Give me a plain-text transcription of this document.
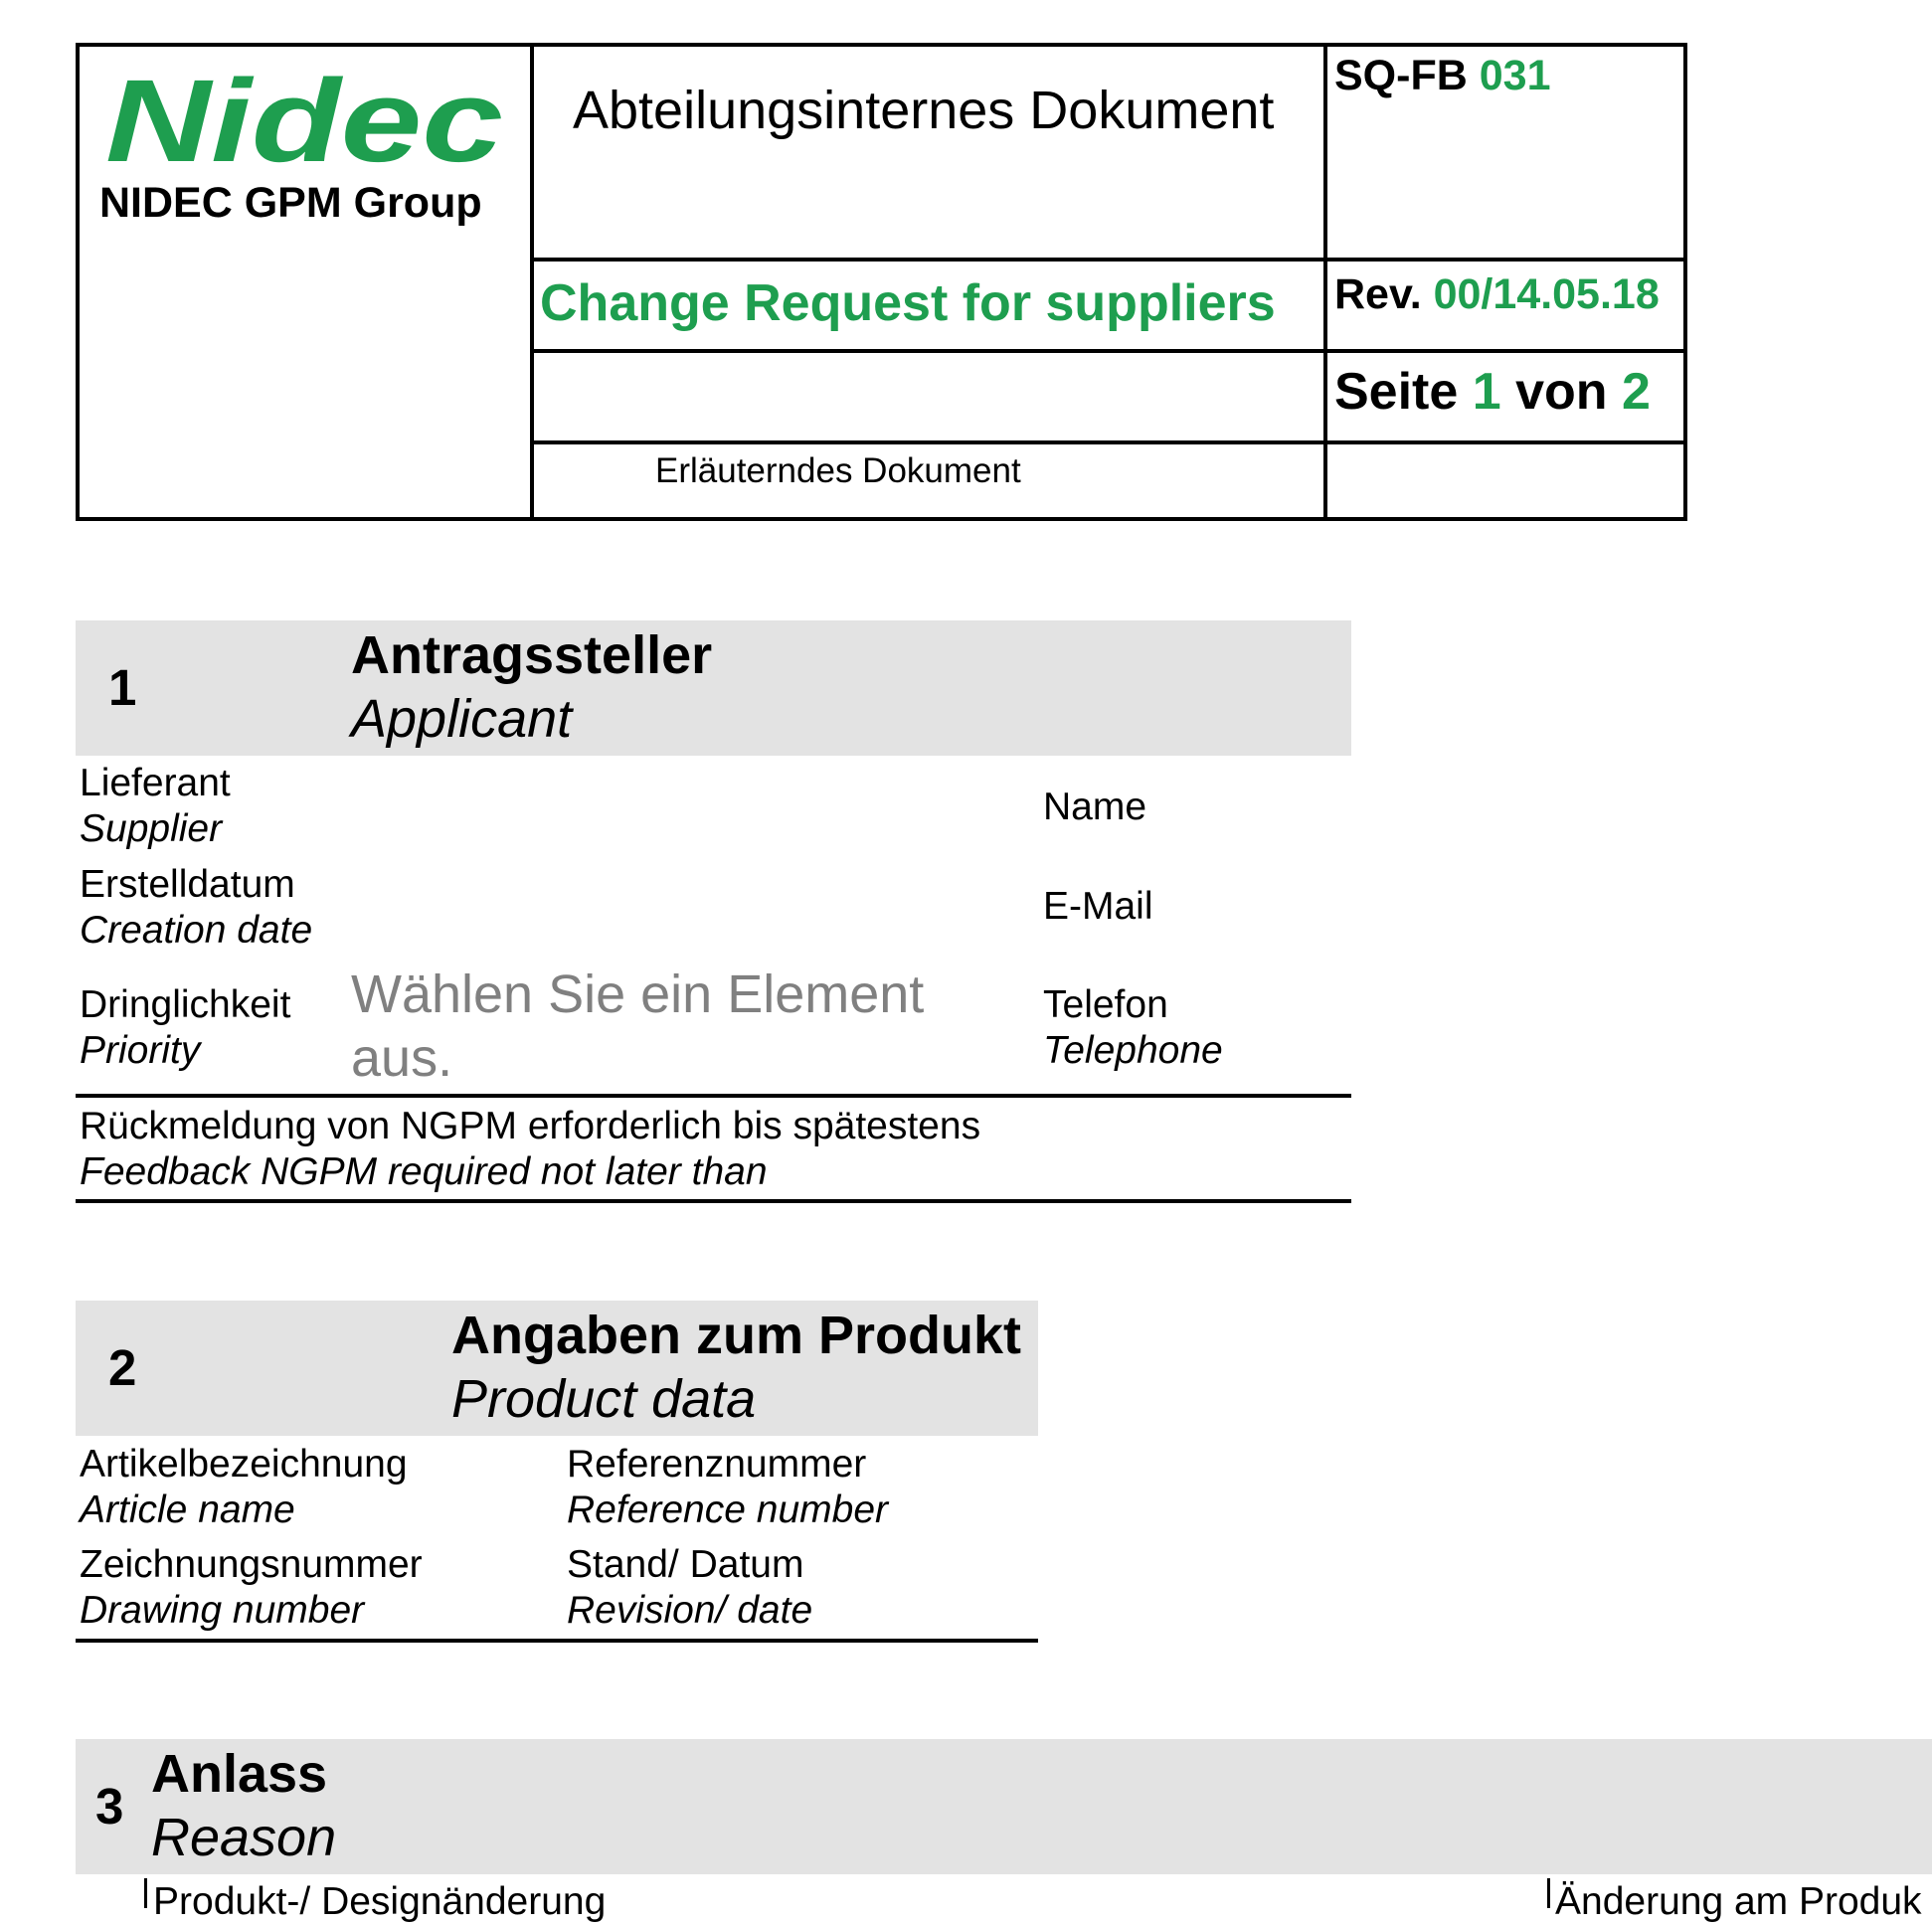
Nidec
NIDEC GPM Group
Abteilungsinternes Dokument
SQ-FB 031
Change Request for suppliers Rev. 00/14.05.18
Seite 1 von 2
Erläuterndes Dokument
1
Antragssteller
Applicant
Lieferant
Supplier
Name
Erstelldatum
Creation date
E-Mail
Dringlichkeit
Priority
Wählen Sie ein Element
aus.
Telefon
Telephone
Rückmeldung von NGPM erforderlich bis spätestens
Feedback NGPM required not later than
2
Angaben zum Produkt
Product data
Artikelbezeichnung
Article name
Referenznummer
Reference number
Zeichnungsnummer
Drawing number
Stand/ Datum
Revision/ date
3
Anlass
Reason
Produkt-/ Designänderung	Änderung am Produk
